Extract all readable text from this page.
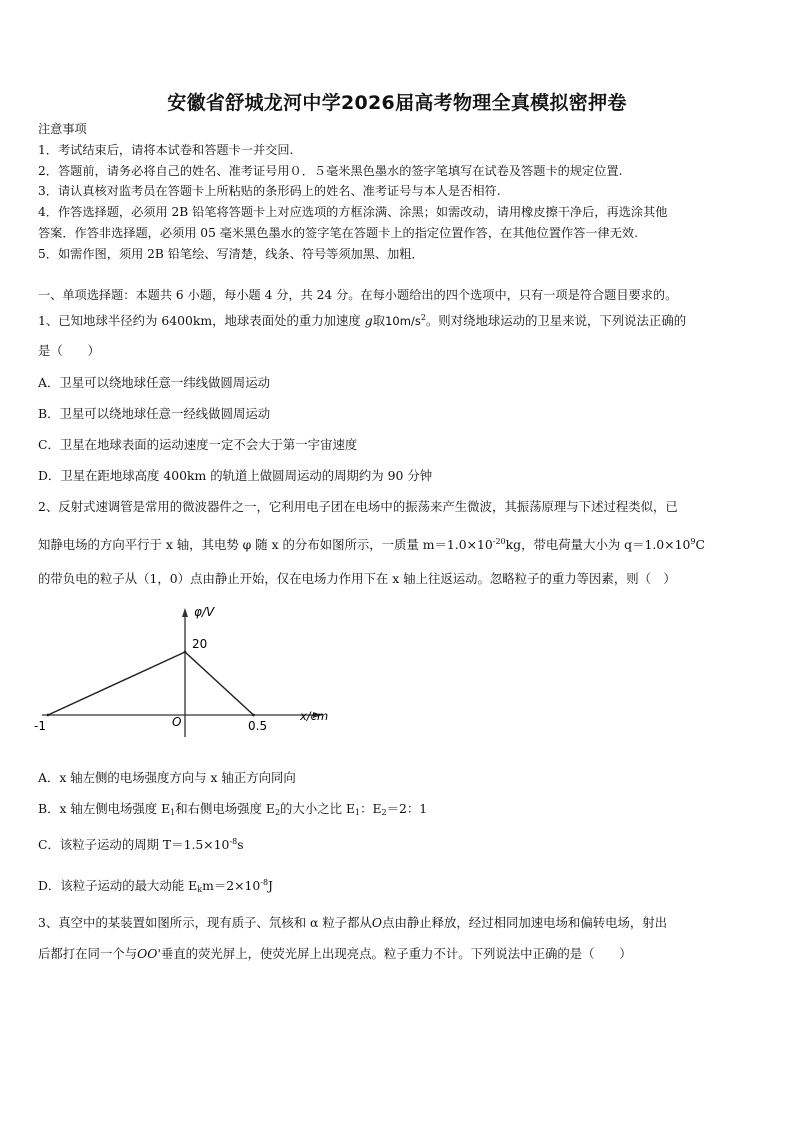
安徽省舒城龙河中学2026届高考物理全真模拟密押卷
注意事项
1．考试结束后，请将本试卷和答题卡一并交回.
2．答题前，请务必将自己的姓名、准考证号用０．５毫米黑色墨水的签字笔填写在试卷及答题卡的规定位置.
3．请认真核对监考员在答题卡上所粘贴的条形码上的姓名、准考证号与本人是否相符.
4．作答选择题，必须用 2B 铅笔将答题卡上对应选项的方框涂满、涂黑；如需改动，请用橡皮擦干净后，再选涂其他
答案．作答非选择题，必须用 05 毫米黑色墨水的签字笔在答题卡上的指定位置作答，在其他位置作答一律无效.
5．如需作图，须用 2B 铅笔绘、写清楚，线条、符号等须加黑、加粗．
一、单项选择题：本题共 6 小题，每小题 4 分，共 24 分。在每小题给出的四个选项中，只有一项是符合题目要求的。
1、已知地球半径约为 6400km，地球表面处的重力加速度 g取$10m/s^2$。则对绕地球运动的卫星来说，下列说法正确的
是（　　）
A．卫星可以绕地球任意一纬线做圆周运动
B．卫星可以绕地球任意一经线做圆周运动
C．卫星在地球表面的运动速度一定不会大于第一宇宙速度
D．卫星在距地球高度 400km 的轨道上做圆周运动的周期约为 90 分钟
2、反射式速调管是常用的微波器件之一，它利用电子团在电场中的振荡来产生微波，其振荡原理与下述过程类似，已
知静电场的方向平行于 x 轴，其电势 φ 随 x 的分布如图所示，一质量 $m=1.0\times 10^{-20}kg$，带电荷量大小为 $q=1.0\times 10^9C$
的带负电的粒子从（1，0）点由静止开始，仅在电场力作用下在 x 轴上往返运动。忽略粒子的重力等因素，则（　）
φ/V
x/cm
20
O
-1	0.5
A．x 轴左侧的电场强度方向与 x 轴正方向同向
B．x 轴左侧电场强度 $E_1$和右侧电场强度 $E_2$的大小之比 $E_1$：$E_2=2$：1
C．该粒子运动的周期 $T=1.5\times 10^{-8}s$
D．该粒子运动的最大动能 $E_km=2\times 10^{-8}J$
3、真空中的某装置如图所示，现有质子、氘核和 α 粒子都从O点由静止释放，经过相同加速电场和偏转电场，射出
后都打在同一个与OO'垂直的荧光屏上，使荧光屏上出现亮点。粒子重力不计。下列说法中正确的是（　　）
